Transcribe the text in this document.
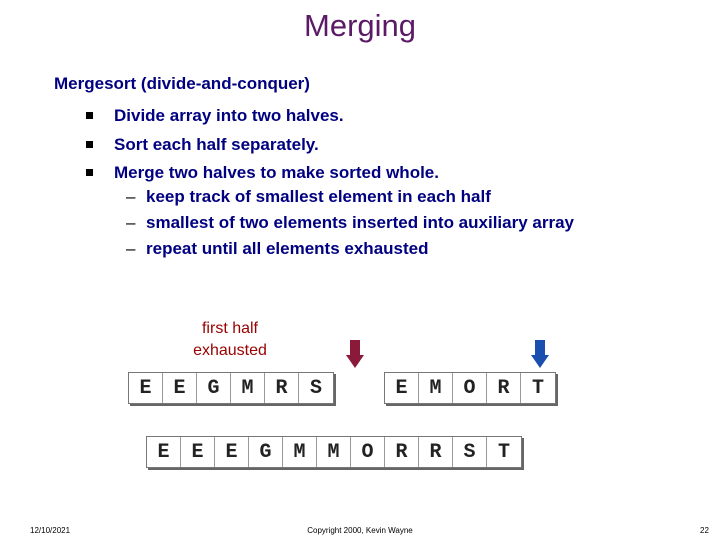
Merging
Mergesort (divide-and-conquer)
Divide array into two halves.
Sort each half separately.
Merge two halves to make sorted whole.
– keep track of smallest element in each half
– smallest of two elements inserted into auxiliary array
– repeat until all elements exhausted
first half exhausted
E	E	G	M	R	S	E	M	O	R	T
E	E	E	G	M	M	O	R	R	S	T
12/10/2021	Copyright 2000, Kevin Wayne	22
